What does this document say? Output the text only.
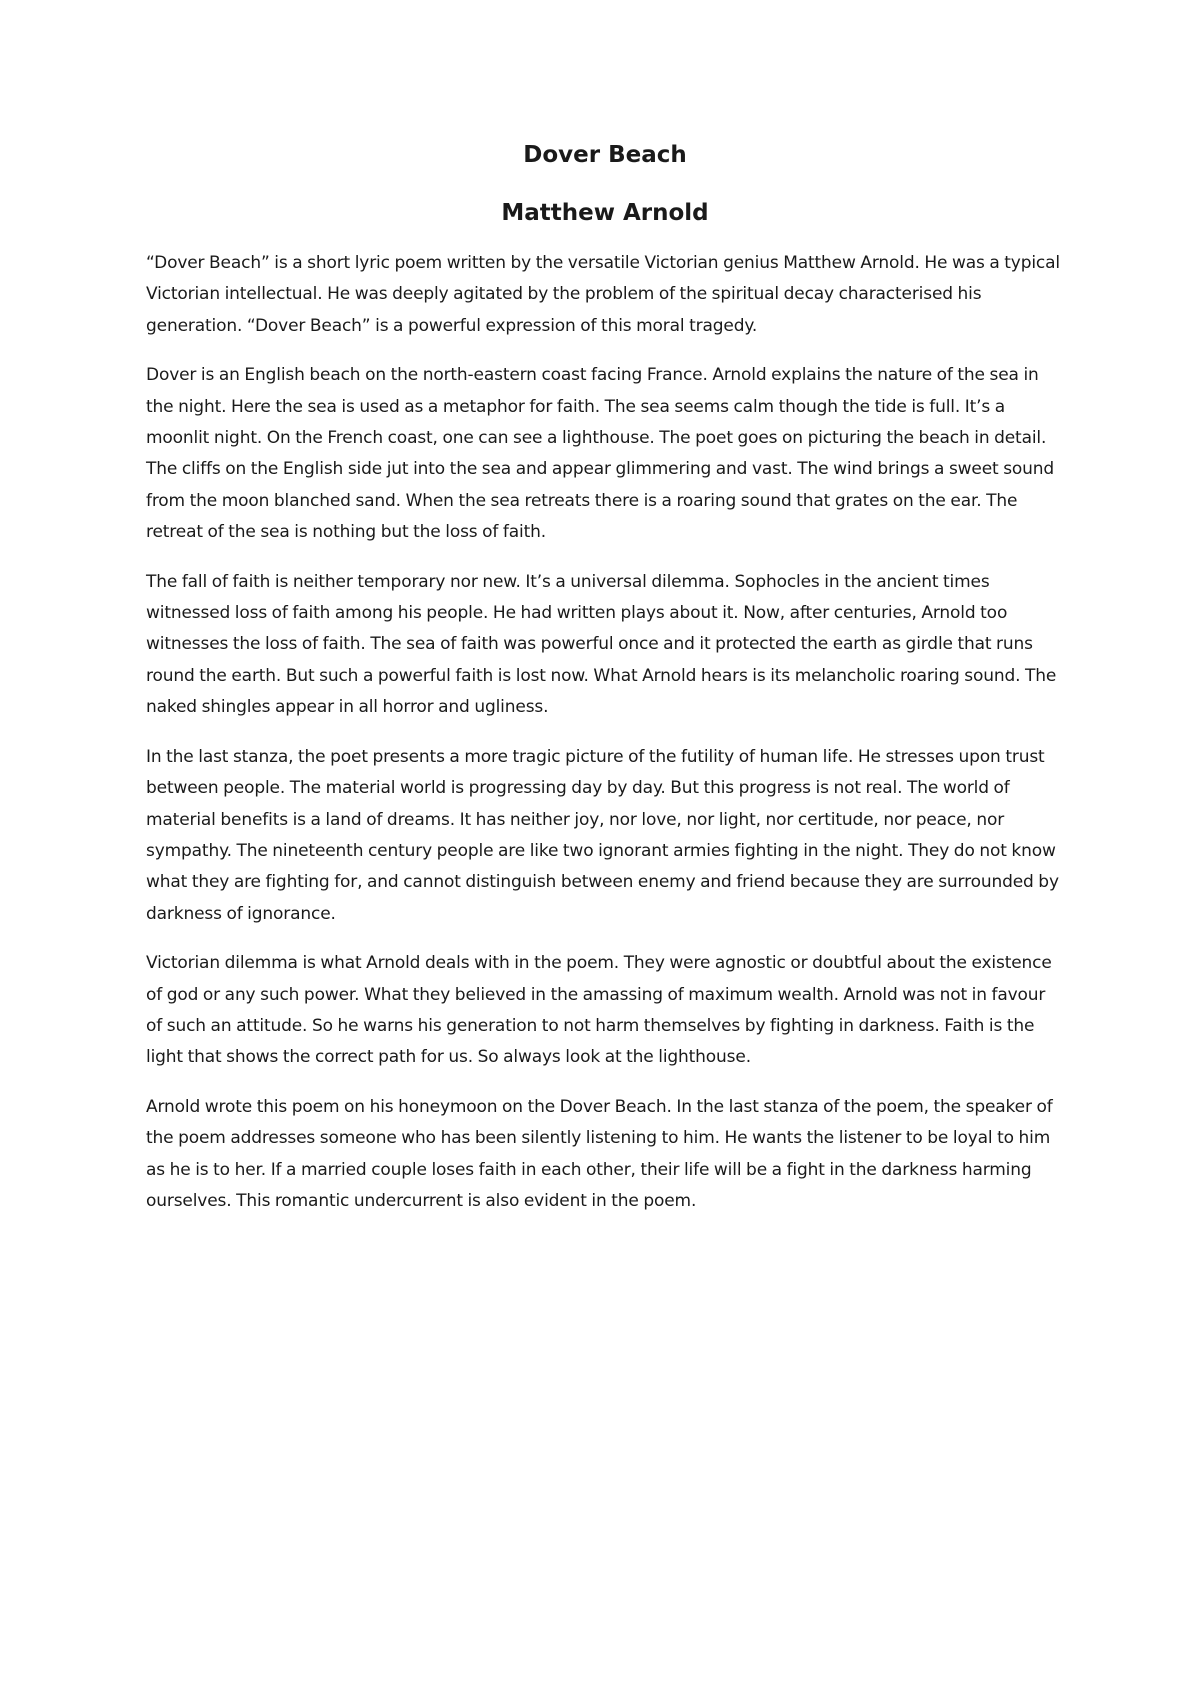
Dover Beach
Matthew Arnold

“Dover Beach” is a short lyric poem written by the versatile Victorian genius Matthew Arnold. He was a typical Victorian intellectual. He was deeply agitated by the problem of the spiritual decay characterised his generation. “Dover Beach” is a powerful expression of this moral tragedy.

Dover is an English beach on the north-eastern coast facing France. Arnold explains the nature of the sea in the night. Here the sea is used as a metaphor for faith. The sea seems calm though the tide is full. It’s a moonlit night. On the French coast, one can see a lighthouse. The poet goes on picturing the beach in detail. The cliffs on the English side jut into the sea and appear glimmering and vast. The wind brings a sweet sound from the moon blanched sand. When the sea retreats there is a roaring sound that grates on the ear. The retreat of the sea is nothing but the loss of faith.

The fall of faith is neither temporary nor new. It’s a universal dilemma. Sophocles in the ancient times witnessed loss of faith among his people. He had written plays about it. Now, after centuries, Arnold too witnesses the loss of faith. The sea of faith was powerful once and it protected the earth as girdle that runs round the earth. But such a powerful faith is lost now. What Arnold hears is its melancholic roaring sound. The naked shingles appear in all horror and ugliness.

In the last stanza, the poet presents a more tragic picture of the futility of human life. He stresses upon trust between people. The material world is progressing day by day. But this progress is not real. The world of material benefits is a land of dreams. It has neither joy, nor love, nor light, nor certitude, nor peace, nor sympathy. The nineteenth century people are like two ignorant armies fighting in the night. They do not know what they are fighting for, and cannot distinguish between enemy and friend because they are surrounded by darkness of ignorance.

Victorian dilemma is what Arnold deals with in the poem. They were agnostic or doubtful about the existence of god or any such power. What they believed in the amassing of maximum wealth. Arnold was not in favour of such an attitude. So he warns his generation to not harm themselves by fighting in darkness. Faith is the light that shows the correct path for us. So always look at the lighthouse.

Arnold wrote this poem on his honeymoon on the Dover Beach. In the last stanza of the poem, the speaker of the poem addresses someone who has been silently listening to him. He wants the listener to be loyal to him as he is to her. If a married couple loses faith in each other, their life will be a fight in the darkness harming ourselves. This romantic undercurrent is also evident in the poem.
